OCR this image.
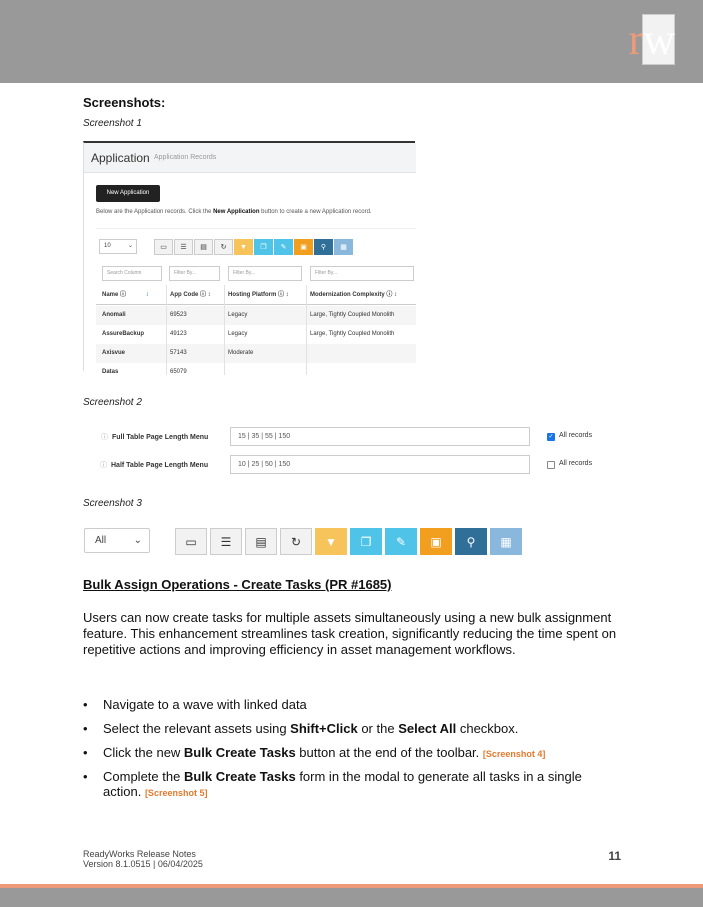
rw
Screenshots:
Screenshot 1
Application Application Records
New Application
Below are the Application records. Click the New Application button to create a new Application record.
10	⌄	▭	☰	▤	↻	▼	❐	✎	▣	⚲	▦
Search Column	Filter By...	Filter By...	Filter By...
Name ⓘ	↕	App Code ⓘ ↕	Hosting Platform ⓘ ↕	Modernization Complexity ⓘ ↕
Anomali	69523	Legacy	Large, Tightly Coupled Monolith
AssureBackup	49123	Legacy	Large, Tightly Coupled Monolith
Axisvue	57143	Moderate
Datas	65079
Screenshot 2
ⓘ Full Table Page Length Menu	15 | 35 | 55 | 150	✓ All records
ⓘ Half Table Page Length Menu	10 | 25 | 50 | 150	All records
Screenshot 3
All	⌄	▭	☰	▤	↻	▼	❐	✎	▣	⚲	▦
Bulk Assign Operations - Create Tasks (PR #1685)
Users can now create tasks for multiple assets simultaneously using a new bulk assignment feature. This enhancement streamlines task creation, significantly reducing the time spent on repetitive actions and improving efficiency in asset management workflows.
• Navigate to a wave with linked data
• Select the relevant assets using Shift+Click or the Select All checkbox.
• Click the new Bulk Create Tasks button at the end of the toolbar. [Screenshot 4]
• Complete the Bulk Create Tasks form in the modal to generate all tasks in a single action. [Screenshot 5]
ReadyWorks Release Notes
Version 8.1.0515 | 06/04/2025
11
